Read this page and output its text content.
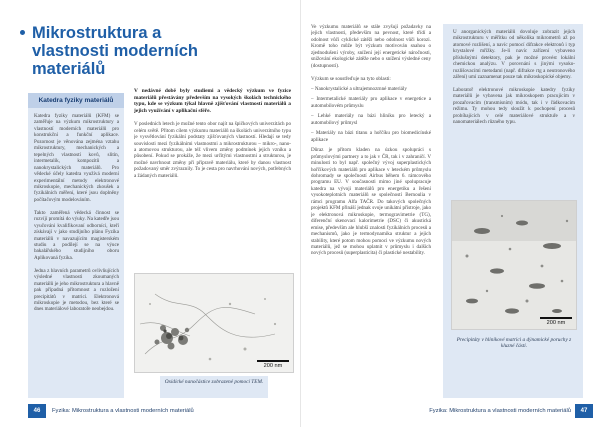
Mikrostruktura a vlastnosti moderních materiálů
Katedra fyziky materiálů

Katedra fyziky materiálů (KFM) se zaměřuje na výzkum mikrostruktury a vlastností moderních materiálů pro konstrukční a funkční aplikace. Pozornost je věnována zejména vztahu mikrostruktury, mechanických a tepelných vlastností kovů, slitin, intermetalik, kompozitů a nanokrystalických materiálů. Pro vědecké účely katedra využívá moderní experimentální metody elektronové mikroskopie, mechanických zkoušek a fyzikálních měření, které jsou doplněny počítačovým modelováním.

Takto zaměřená vědecká činnost se rozvíjí promítá do výuky. Na katedře jsou vyučováni kvalifikovaní odborníci, kteří získávají v jako studijního plánu Fyzika materiálů v navazujícím magisterském studiu a podílejí se na výuce bakalářského studijního oboru Aplikovaná fyzika.

Jedna z hlavních parametrů ovlivňujících výsledné vlastnosti zkoumaných materiálů je jeho mikrostruktura a hlavně pak případná přítomnost a rozložení precipitátů v matrici. Elektronová mikroskopie je metodou, bez které se dnes materiálové laboratoře neobejdou.

V nedávné době byly studiemi a vědecký výzkum ve fyzice materiálů přestávány především na vysokých školách technického typu, kde se výzkum týkal hlavně zjišťování vlastností materiálů a jejich využívání v aplikační sféře.

V posledních letech je možné tento obor najít na špičkových univerzitách po celém světě. Přitom cílem výzkumu materiálů na školách univerzitního typu je vysvětlování fyzikální podstaty zjišťovaných vlastností. Hledají se tedy souvislosti mezi fyzikálními vlastnostmi a mikrostrukturou – mikro-, nano- a atomovou strukturou, ale též vlivem změny podmínek jejich vzniku a působení. Pokud se prokáže, že mezi určitými vlastnostmi a strukturou, je možné navrhnout změny při přípravě materiálu, které by danou vlastnost požadovaný směr zvýraznily. To je cesta pro navrhování nových, potřebných a žádaných materiálů.

200 nm
Oxidické nanočástice zobrazené pomocí TEM.
46	Fyzika: Mikrostruktura a vlastnosti moderních materiálů

Ve výzkumu materiálů se stále zvyšují požadavky na jejich vlastnosti, především na pevnost, které třídí a odolnost vůči cyklické zátěži nebo odolnost vůči korozi. Kromě toho může být výzkum motivován snahou o zjednodušení výroby, snížení její energetické náročnosti, snižování ekologické zátěže nebo o snížení výsledné ceny (dostupnosti).

Výzkum se soustřeďuje na tyto oblasti:

– Nanokrystalické a ultrajemnozrnné materiály

– Intermetalické materiály pro aplikace v energetice a automobilovém průmyslu

– Lehké materiály na bázi hliníku pro letecký a automobilový průmysl

– Materiály na bázi titanu a hořčíku pro biomedicínské aplikace

Důraz je přitom kladen na úzkou spolupráci s průmyslovými partnery a to jak v ČR, tak i v zahraničí. V minulosti to byl např. společný vývoj superplastických hořčíkových materiálů pro aplikace v leteckém průmyslu dohromady se společností Airbus během 6. rámcového programu EU. V současnosti mimo jiné spolupracuje katedra na vývoji materiálů pro energetiku a řešení vysokoteplotních materiálů se společností Bernoulia v rámci programu Alfa TAČR. Do takových společných projektů KFM přináší jednak svoje unikátní přístroje, jako je elektronová mikroskopie, termogravimetrie (TG), diferenční skenovací kalorimetrie (DSC) či akustická emise, především ale hlubší znalosti fyzikálních procesů a mechanismů, jako je termodynamika struktur a jejich stability, které potom mohou pomoci ve výzkumu nových materiálů, jež se mohou uplatnit v průmyslu i dalších nových procesů (superplasticita) či plastické nestability.

U anorganických materiálů dovoluje zobrazit jejich mikrostrukturu v měřítku od několika mikrometrů až po atomové rozlišení, a navíc pomocí difrakce elektronů i typ krystalové mřížky. Je-li navíc zařízení vybaveno příslušnými detektory, pak je možné provést lokální chemickou analýzu. V porovnání s jinými vysoko-rozlišovacími metodami (např. difrakce rtg a neutronového záření) umí zaznamenat pouze tak mikroskopické objemy.

Laboratoř elektronové mikroskopie katedry fyziky materiálů je vybavena jak mikroskopem pracujícím v prozařovacím (transmisním) módu, tak i v řádkovacím režimu. Ty mohou tedy sloužit k pochopení procesů probíhajících v celé materiálové struktuře a v nanomateriálech různého typu.

200 nm
Precipitáty v hliníkové matrici a dýnamické poruchy z kluzné části.
Fyzika: Mikrostruktura a vlastnosti moderních materiálů	47
